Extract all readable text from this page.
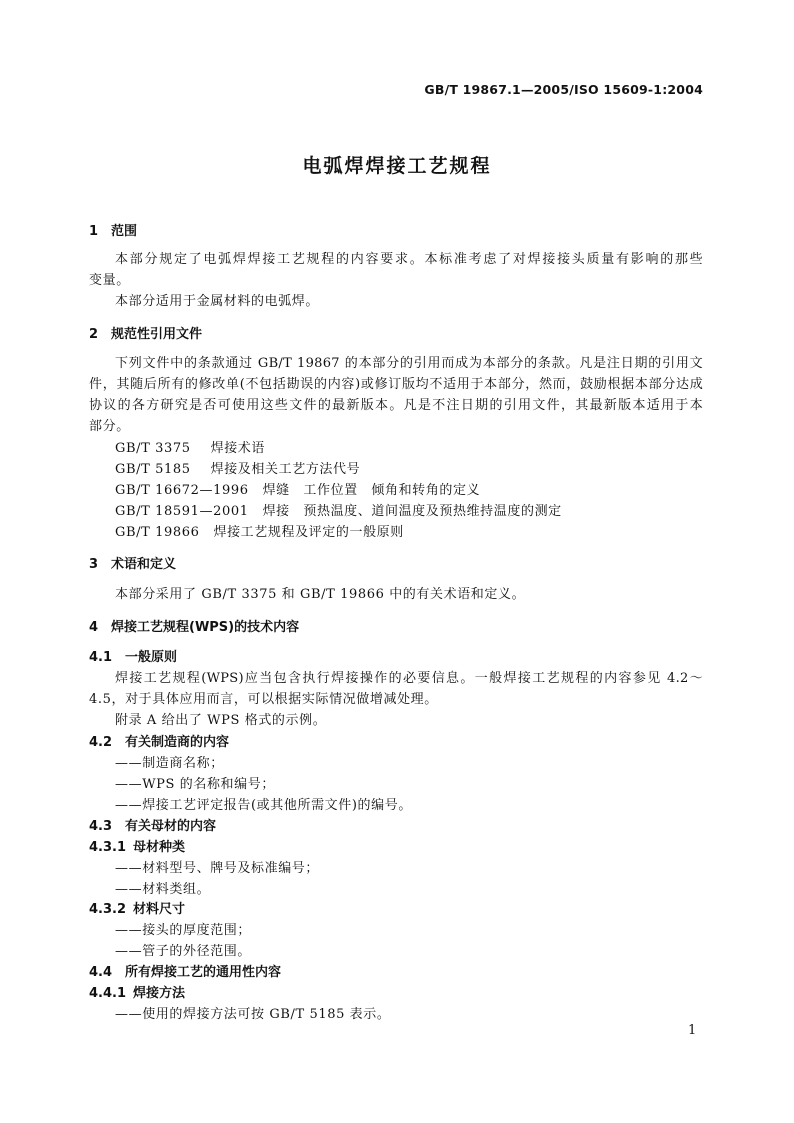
GB/T 19867.1—2005/ISO 15609-1:2004
电弧焊焊接工艺规程
1 范围
本部分规定了电弧焊焊接工艺规程的内容要求。本标准考虑了对焊接接头质量有影响的那些
变量。
本部分适用于金属材料的电弧焊。
2 规范性引用文件
下列文件中的条款通过 GB/T 19867 的本部分的引用而成为本部分的条款。凡是注日期的引用文
件，其随后所有的修改单(不包括勘误的内容)或修订版均不适用于本部分，然而，鼓励根据本部分达成
协议的各方研究是否可使用这些文件的最新版本。凡是不注日期的引用文件，其最新版本适用于本
部分。
GB/T 3375 焊接术语
GB/T 5185 焊接及相关工艺方法代号
GB/T 16672—1996 焊缝　工作位置　倾角和转角的定义
GB/T 18591—2001 焊接　预热温度、道间温度及预热维持温度的测定
GB/T 19866 焊接工艺规程及评定的一般原则
3 术语和定义
本部分采用了 GB/T 3375 和 GB/T 19866 中的有关术语和定义。
4 焊接工艺规程(WPS)的技术内容
4.1 一般原则
焊接工艺规程(WPS)应当包含执行焊接操作的必要信息。一般焊接工艺规程的内容参见 4.2～
4.5，对于具体应用而言，可以根据实际情况做增减处理。
附录 A 给出了 WPS 格式的示例。
4.2 有关制造商的内容
——制造商名称；
——WPS 的名称和编号；
——焊接工艺评定报告(或其他所需文件)的编号。
4.3 有关母材的内容
4.3.1 母材种类
——材料型号、牌号及标准编号；
——材料类组。
4.3.2 材料尺寸
——接头的厚度范围；
——管子的外径范围。
4.4 所有焊接工艺的通用性内容
4.4.1 焊接方法
——使用的焊接方法可按 GB/T 5185 表示。
1
